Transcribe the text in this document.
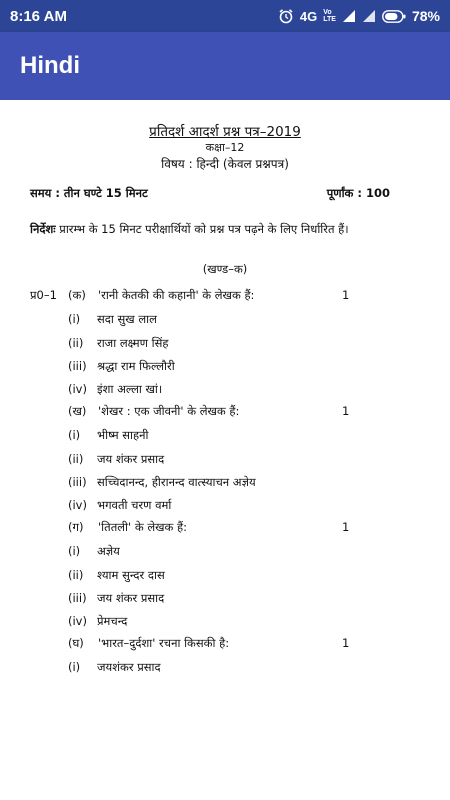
8:16 AM	4G Vo
LTE	78%
Hindi
प्रतिदर्श आदर्श प्रश्न पत्र–2019
कक्षा–12
विषय : हिन्दी (केवल प्रश्नपत्र)
समय : तीन घण्टे 15 मिनट	पूर्णांक : 100
निर्देशः प्रारम्भ के 15 मिनट परीक्षार्थियों को प्रश्न पत्र पढ़ने के लिए निर्धारित हैं।
(खण्ड–क)
प्र0–1 (क) 'रानी केतकी की कहानी' के लेखक हैं:	1
(i) सदा सुख लाल
(ii) राजा लक्ष्मण सिंह
(iii) श्रद्धा राम फिल्लौरी
(iv) इंशा अल्ला खां।
(ख) 'शेखर : एक जीवनी' के लेखक हैं:	1
(i) भीष्म साहनी
(ii) जय शंकर प्रसाद
(iii) सच्चिदानन्द, हीरानन्द वात्स्याचन अज्ञेय
(iv) भगवती चरण वर्मा
(ग) 'तितली' के लेखक हैं:	1
(i) अज्ञेय
(ii) श्याम सुन्दर दास
(iii) जय शंकर प्रसाद
(iv) प्रेमचन्द
(घ) 'भारत–दुर्दशा' रचना किसकी है:	1
(i) जयशंकर प्रसाद
